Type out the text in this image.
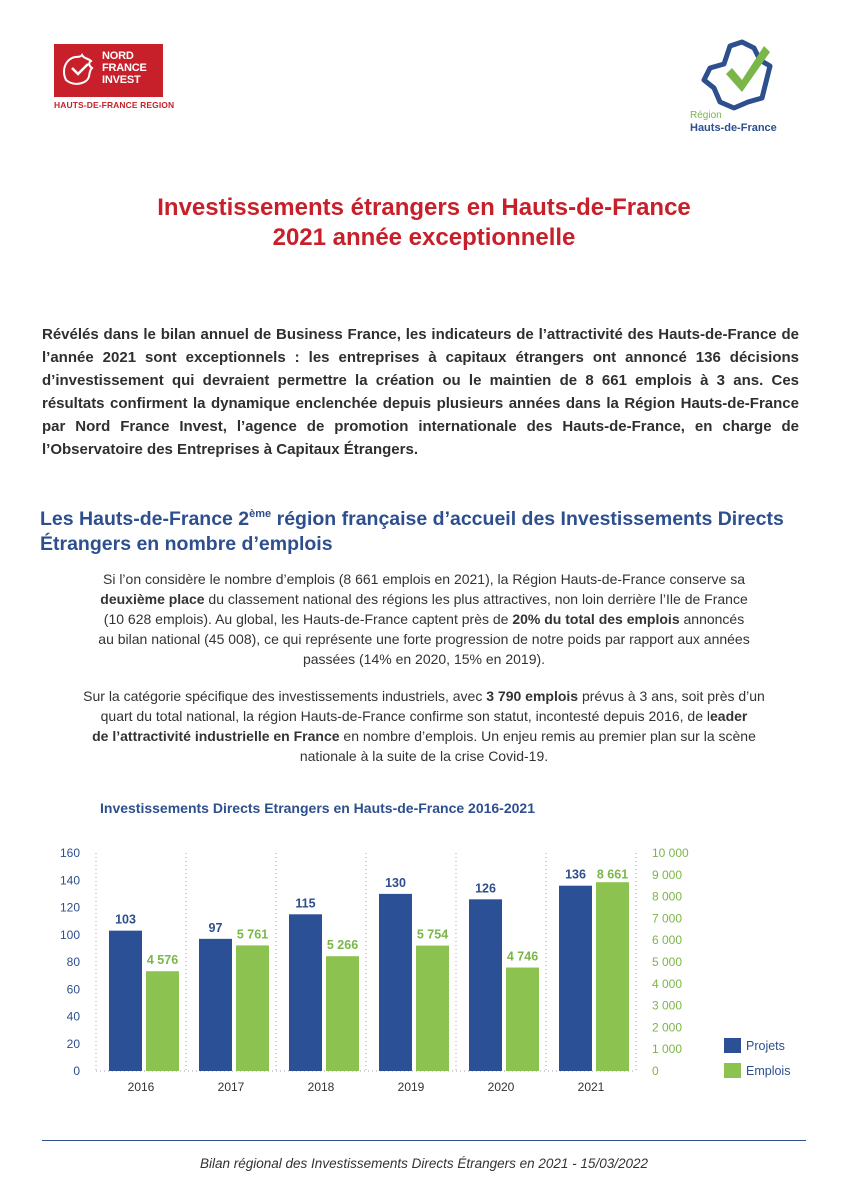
NORD
FRANCE
INVEST
HAUTS-DE-FRANCE REGION
Région
Hauts-de-France
Investissements étrangers en Hauts-de-France
2021 année exceptionnelle

Révélés dans le bilan annuel de Business France, les indicateurs de l’attractivité des Hauts-de-France de l’année 2021 sont exceptionnels : les entreprises à capitaux étrangers ont annoncé 136 décisions d’investissement qui devraient permettre la création ou le maintien de 8 661 emplois à 3 ans. Ces résultats confirment la dynamique enclenchée depuis plusieurs années dans la Région Hauts-de-France par Nord France Invest, l’agence de promotion internationale des Hauts-de-France, en charge de l’Observatoire des Entreprises à Capitaux Étrangers.

Les Hauts-de-France 2ème région française d’accueil des Investissements Directs Étrangers en nombre d’emplois

Si l’on considère le nombre d’emplois (8 661 emplois en 2021), la Région Hauts-de-France conserve sa
deuxième place du classement national des régions les plus attractives, non loin derrière l’Ile de France
(10 628 emplois). Au global, les Hauts-de-France captent près de 20% du total des emplois annoncés
au bilan national (45 008), ce qui représente une forte progression de notre poids par rapport aux années
passées (14% en 2020, 15% en 2019).

Sur la catégorie spécifique des investissements industriels, avec 3 790 emplois prévus à 3 ans, soit près d’un
quart du total national, la région Hauts-de-France confirme son statut, incontesté depuis 2016, de leader
de l’attractivité industrielle en France en nombre d’emplois. Un enjeu remis au premier plan sur la scène
nationale à la suite de la crise Covid-19.

Investissements Directs Etrangers en Hauts-de-France 2016-2021
0
20
40
60
80
100
120
140
160
0
1 000
2 000
3 000
4 000
5 000
6 000
7 000
8 000
9 000
10 000
103
4 576
2016
97 5 761
2017
115
5 266
2018
130
5 754
2019
126
4 746
2020
136 8 661
2021
Projets
Emplois
Bilan régional des Investissements Directs Étrangers en 2021 - 15/03/2022
